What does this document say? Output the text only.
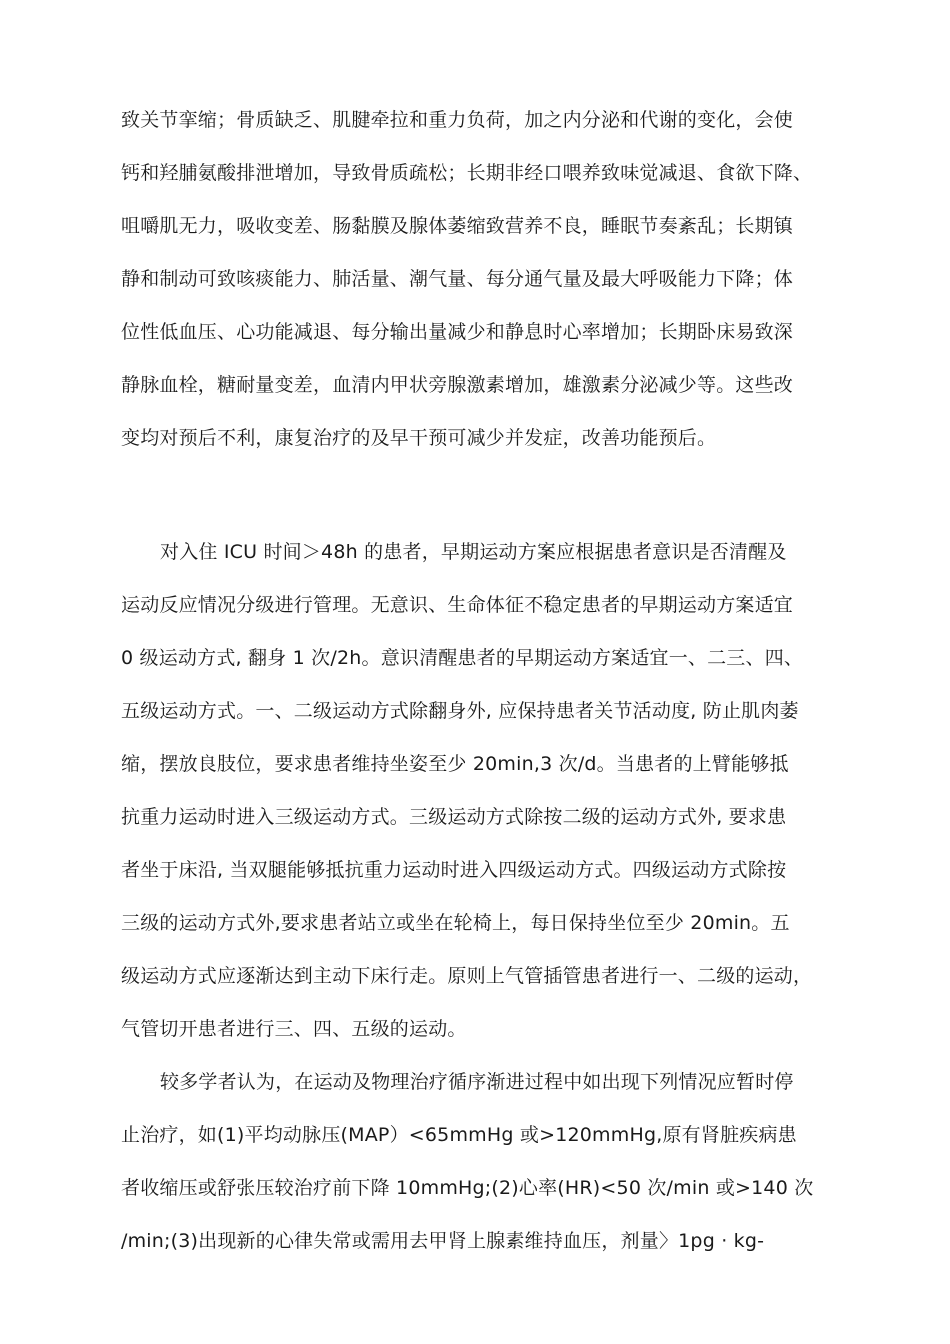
致关节挛缩；骨质缺乏、肌腱牵拉和重力负荷，加之内分泌和代谢的变化，会使
钙和羟脯氨酸排泄增加，导致骨质疏松；长期非经口喂养致味觉减退、食欲下降、
咀嚼肌无力，吸收变差、肠黏膜及腺体萎缩致营养不良，睡眠节奏紊乱；长期镇
静和制动可致咳痰能力、肺活量、潮气量、每分通气量及最大呼吸能力下降；体
位性低血压、心功能减退、每分输出量减少和静息时心率增加；长期卧床易致深
静脉血栓，糖耐量变差，血清内甲状旁腺激素增加，雄激素分泌减少等。这些改
变均对预后不利，康复治疗的及早干预可减少并发症，改善功能预后。
对入住 ICU 时间＞48h 的患者，早期运动方案应根据患者意识是否清醒及
运动反应情况分级进行管理。无意识、生命体征不稳定患者的早期运动方案适宜
0 级运动方式, 翻身 1 次/2h。意识清醒患者的早期运动方案适宜一、二三、四、
五级运动方式。一、二级运动方式除翻身外, 应保持患者关节活动度, 防止肌肉萎
缩，摆放良肢位，要求患者维持坐姿至少 20min,3 次/d。当患者的上臂能够抵
抗重力运动时进入三级运动方式。三级运动方式除按二级的运动方式外, 要求患
者坐于床沿, 当双腿能够抵抗重力运动时进入四级运动方式。四级运动方式除按
三级的运动方式外,要求患者站立或坐在轮椅上，每日保持坐位至少 20min。五
级运动方式应逐渐达到主动下床行走。原则上气管插管患者进行一、二级的运动，
气管切开患者进行三、四、五级的运动。
较多学者认为，在运动及物理治疗循序渐进过程中如出现下列情况应暂时停
止治疗，如(1)平均动脉压(MAP）<65mmHg 或>120mmHg,原有肾脏疾病患
者收缩压或舒张压较治疗前下降 10mmHg;(2)心率(HR)<50 次/min 或>140 次
/min;(3)出现新的心律失常或需用去甲肾上腺素维持血压，剂量〉1pg · kg-
